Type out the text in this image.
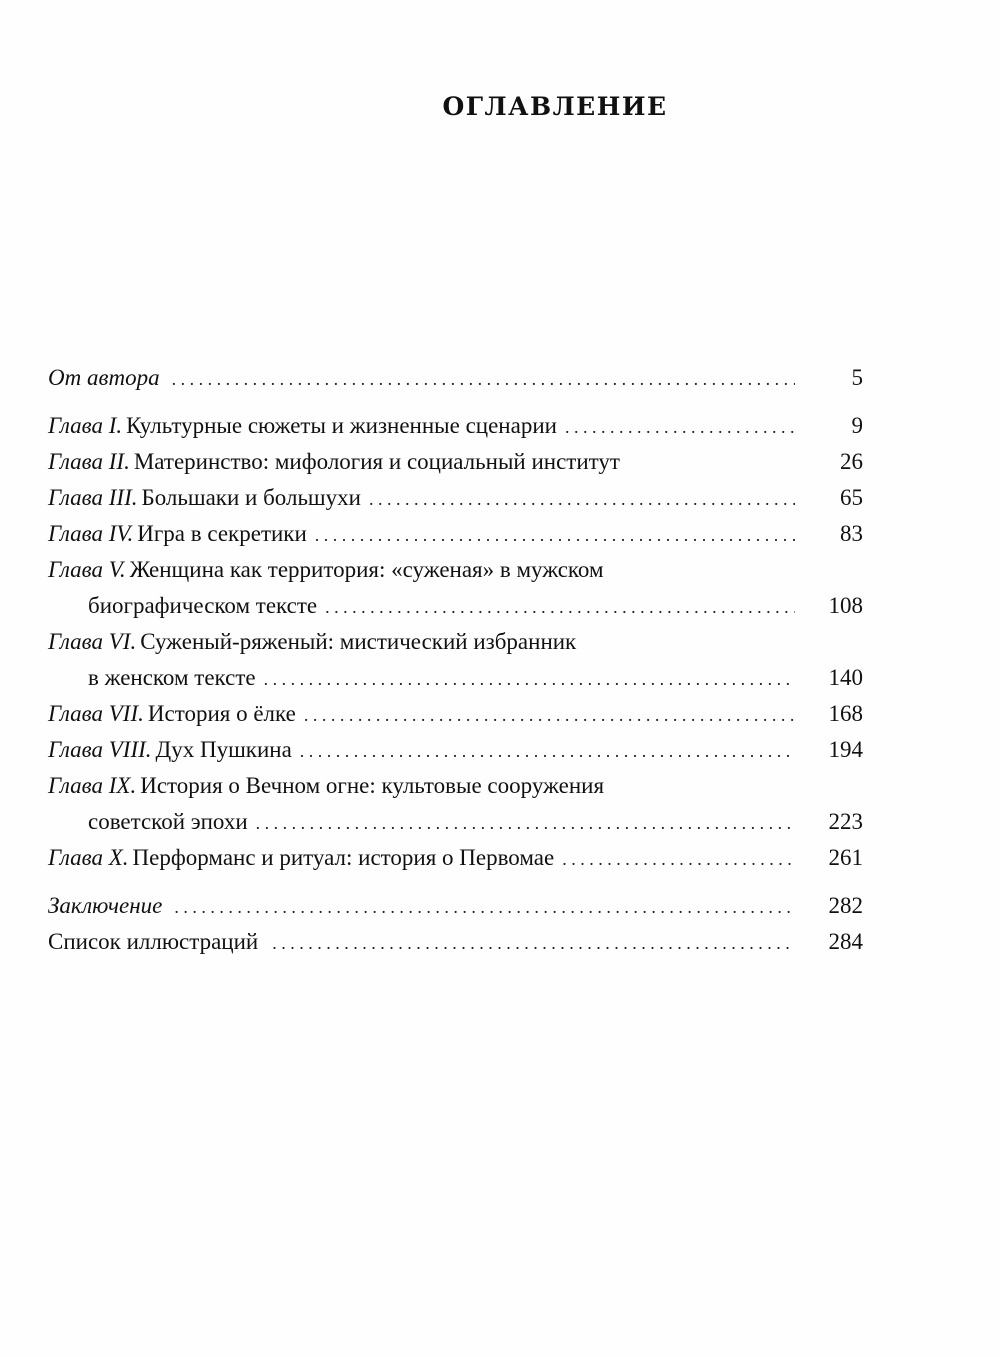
ОГЛАВЛЕНИЕ
От автора . . .	5
Глава I. Культурные сюжеты и жизненные сценарии . . .	9
Глава II. Материнство: мифология и социальный институт	26
Глава III. Большаки и большухи . . .	65
Глава IV. Игра в секретики . . .	83
Глава V. Женщина как территория: «суженая» в мужском
биографическом тексте . . .	108
Глава VI. Суженый-ряженый: мистический избранник
в женском тексте . . .	140
Глава VII. История о ёлке . . .	168
Глава VIII. Дух Пушкина . . .	194
Глава IX. История о Вечном огне: культовые сооружения
советской эпохи . . .	223
Глава X. Перформанс и ритуал: история о Первомае . . .	261
Заключение . . .	282
Список иллюстраций . . .	284
